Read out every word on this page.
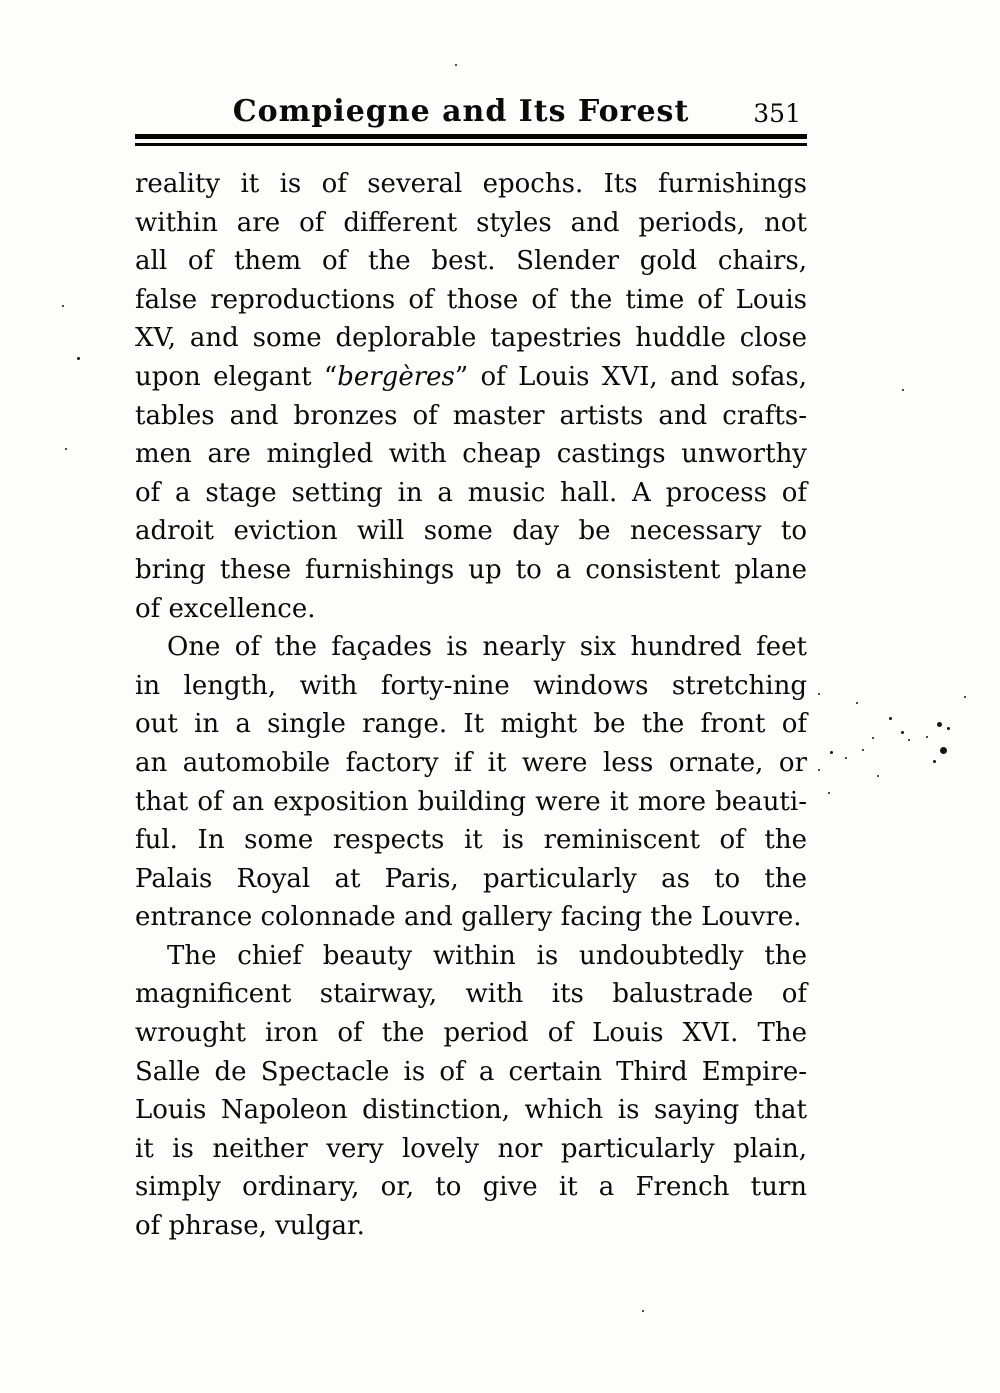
Compiegne and Its Forest	351
reality it is of several epochs. Its furnishings
within are of different styles and periods, not
all of them of the best. Slender gold chairs,
false reproductions of those of the time of Louis
XV, and some deplorable tapestries huddle close
upon elegant “bergères” of Louis XVI, and sofas,
tables and bronzes of master artists and crafts-
men are mingled with cheap castings unworthy
of a stage setting in a music hall. A process of
adroit eviction will some day be necessary to
bring these furnishings up to a consistent plane
of excellence.
One of the façades is nearly six hundred feet
in length, with forty-nine windows stretching
out in a single range. It might be the front of
an automobile factory if it were less ornate, or
that of an exposition building were it more beauti-
ful. In some respects it is reminiscent of the
Palais Royal at Paris, particularly as to the
entrance colonnade and gallery facing the Louvre.
The chief beauty within is undoubtedly the
magnificent stairway, with its balustrade of
wrought iron of the period of Louis XVI. The
Salle de Spectacle is of a certain Third Empire-
Louis Napoleon distinction, which is saying that
it is neither very lovely nor particularly plain,
simply ordinary, or, to give it a French turn
of phrase, vulgar.
